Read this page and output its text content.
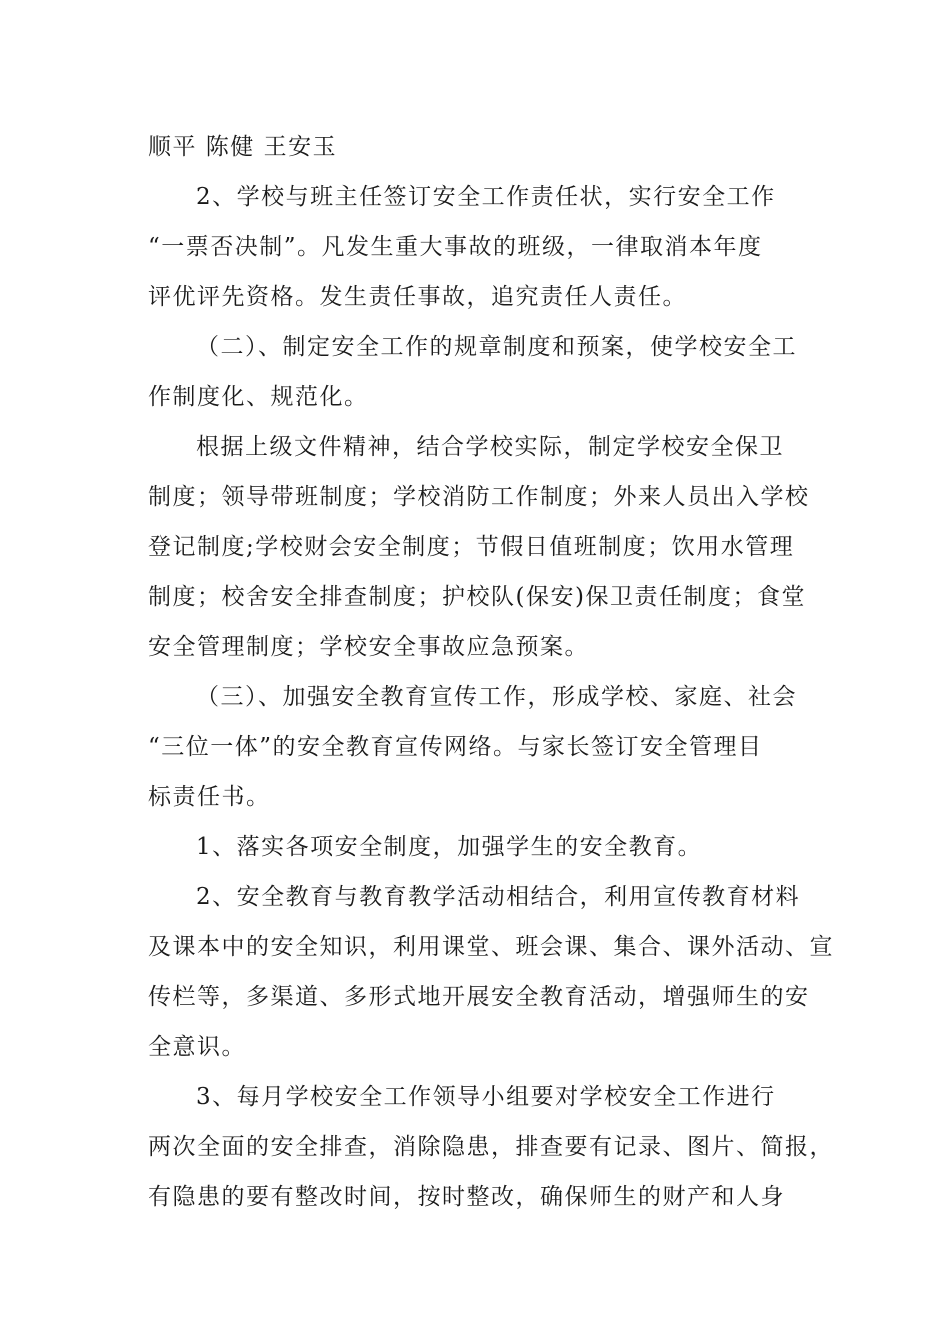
顺平 陈健 王安玉

2、学校与班主任签订安全工作责任状，实行安全工作

“一票否决制”。凡发生重大事故的班级，一律取消本年度

评优评先资格。发生责任事故，追究责任人责任。

（二）、制定安全工作的规章制度和预案，使学校安全工

作制度化、规范化。

根据上级文件精神，结合学校实际，制定学校安全保卫

制度；领导带班制度；学校消防工作制度；外来人员出入学校

登记制度;学校财会安全制度；节假日值班制度；饮用水管理

制度；校舍安全排查制度；护校队(保安)保卫责任制度；食堂

安全管理制度；学校安全事故应急预案。

（三）、加强安全教育宣传工作，形成学校、家庭、社会

“三位一体”的安全教育宣传网络。与家长签订安全管理目

标责任书。

1、落实各项安全制度，加强学生的安全教育。

2、安全教育与教育教学活动相结合，利用宣传教育材料

及课本中的安全知识，利用课堂、班会课、集合、课外活动、宣

传栏等，多渠道、多形式地开展安全教育活动，增强师生的安

全意识。

3、每月学校安全工作领导小组要对学校安全工作进行

两次全面的安全排查，消除隐患，排查要有记录、图片、简报，

有隐患的要有整改时间，按时整改，确保师生的财产和人身
